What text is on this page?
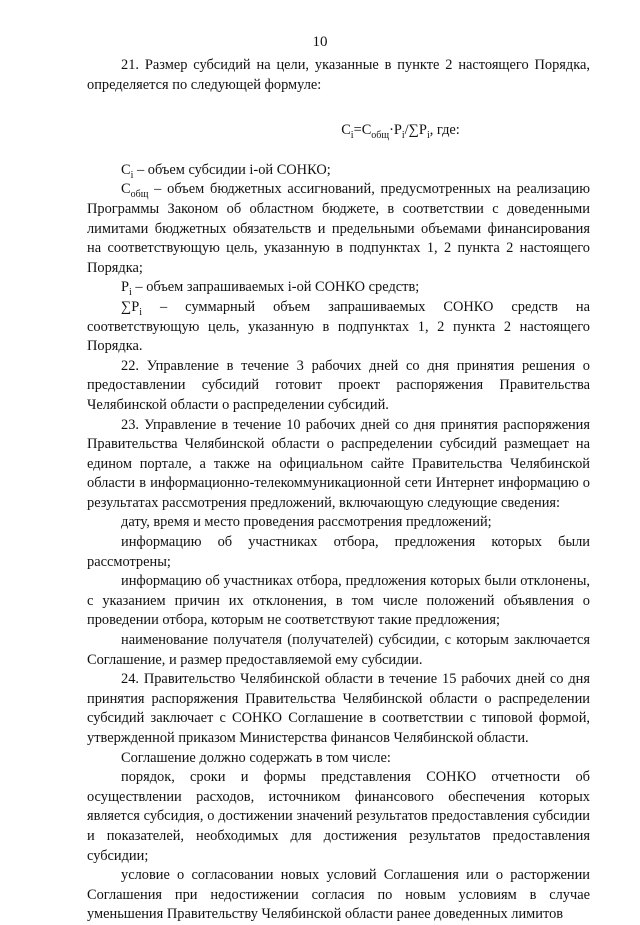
10

21. Размер субсидий на цели, указанные в пункте 2 настоящего Порядка, определяется по следующей формуле:

$C_i=C_{общ}\cdot P_i/\sum P_i$, где:

$C_i$ – объем субсидии i-ой СОНКО;

$C_{общ}$ – объем бюджетных ассигнований, предусмотренных на реализацию Программы Законом об областном бюджете, в соответствии с доведенными лимитами бюджетных обязательств и предельными объемами финансирования на соответствующую цель, указанную в подпунктах 1, 2 пункта 2 настоящего Порядка;

$P_i$ – объем запрашиваемых i-ой СОНКО средств;

$\sum P_i$ – суммарный объем запрашиваемых СОНКО средств на соответствующую цель, указанную в подпунктах 1, 2 пункта 2 настоящего Порядка.

22. Управление в течение 3 рабочих дней со дня принятия решения о предоставлении субсидий готовит проект распоряжения Правительства Челябинской области о распределении субсидий.

23. Управление в течение 10 рабочих дней со дня принятия распоряжения Правительства Челябинской области о распределении субсидий размещает на едином портале, а также на официальном сайте Правительства Челябинской области в информационно-телекоммуникационной сети Интернет информацию о результатах рассмотрения предложений, включающую следующие сведения:

дату, время и место проведения рассмотрения предложений;

информацию об участниках отбора, предложения которых были рассмотрены;

информацию об участниках отбора, предложения которых были отклонены, с указанием причин их отклонения, в том числе положений объявления о проведении отбора, которым не соответствуют такие предложения;

наименование получателя (получателей) субсидии, с которым заключается Соглашение, и размер предоставляемой ему субсидии.

24. Правительство Челябинской области в течение 15 рабочих дней со дня принятия распоряжения Правительства Челябинской области о распределении субсидий заключает с СОНКО Соглашение в соответствии с типовой формой, утвержденной приказом Министерства финансов Челябинской области.

Соглашение должно содержать в том числе:

порядок, сроки и формы представления СОНКО отчетности об осуществлении расходов, источником финансового обеспечения которых является субсидия, о достижении значений результатов предоставления субсидии и показателей, необходимых для достижения результатов предоставления субсидии;

условие о согласовании новых условий Соглашения или о расторжении Соглашения при недостижении согласия по новым условиям в случае уменьшения Правительству Челябинской области ранее доведенных лимитов
